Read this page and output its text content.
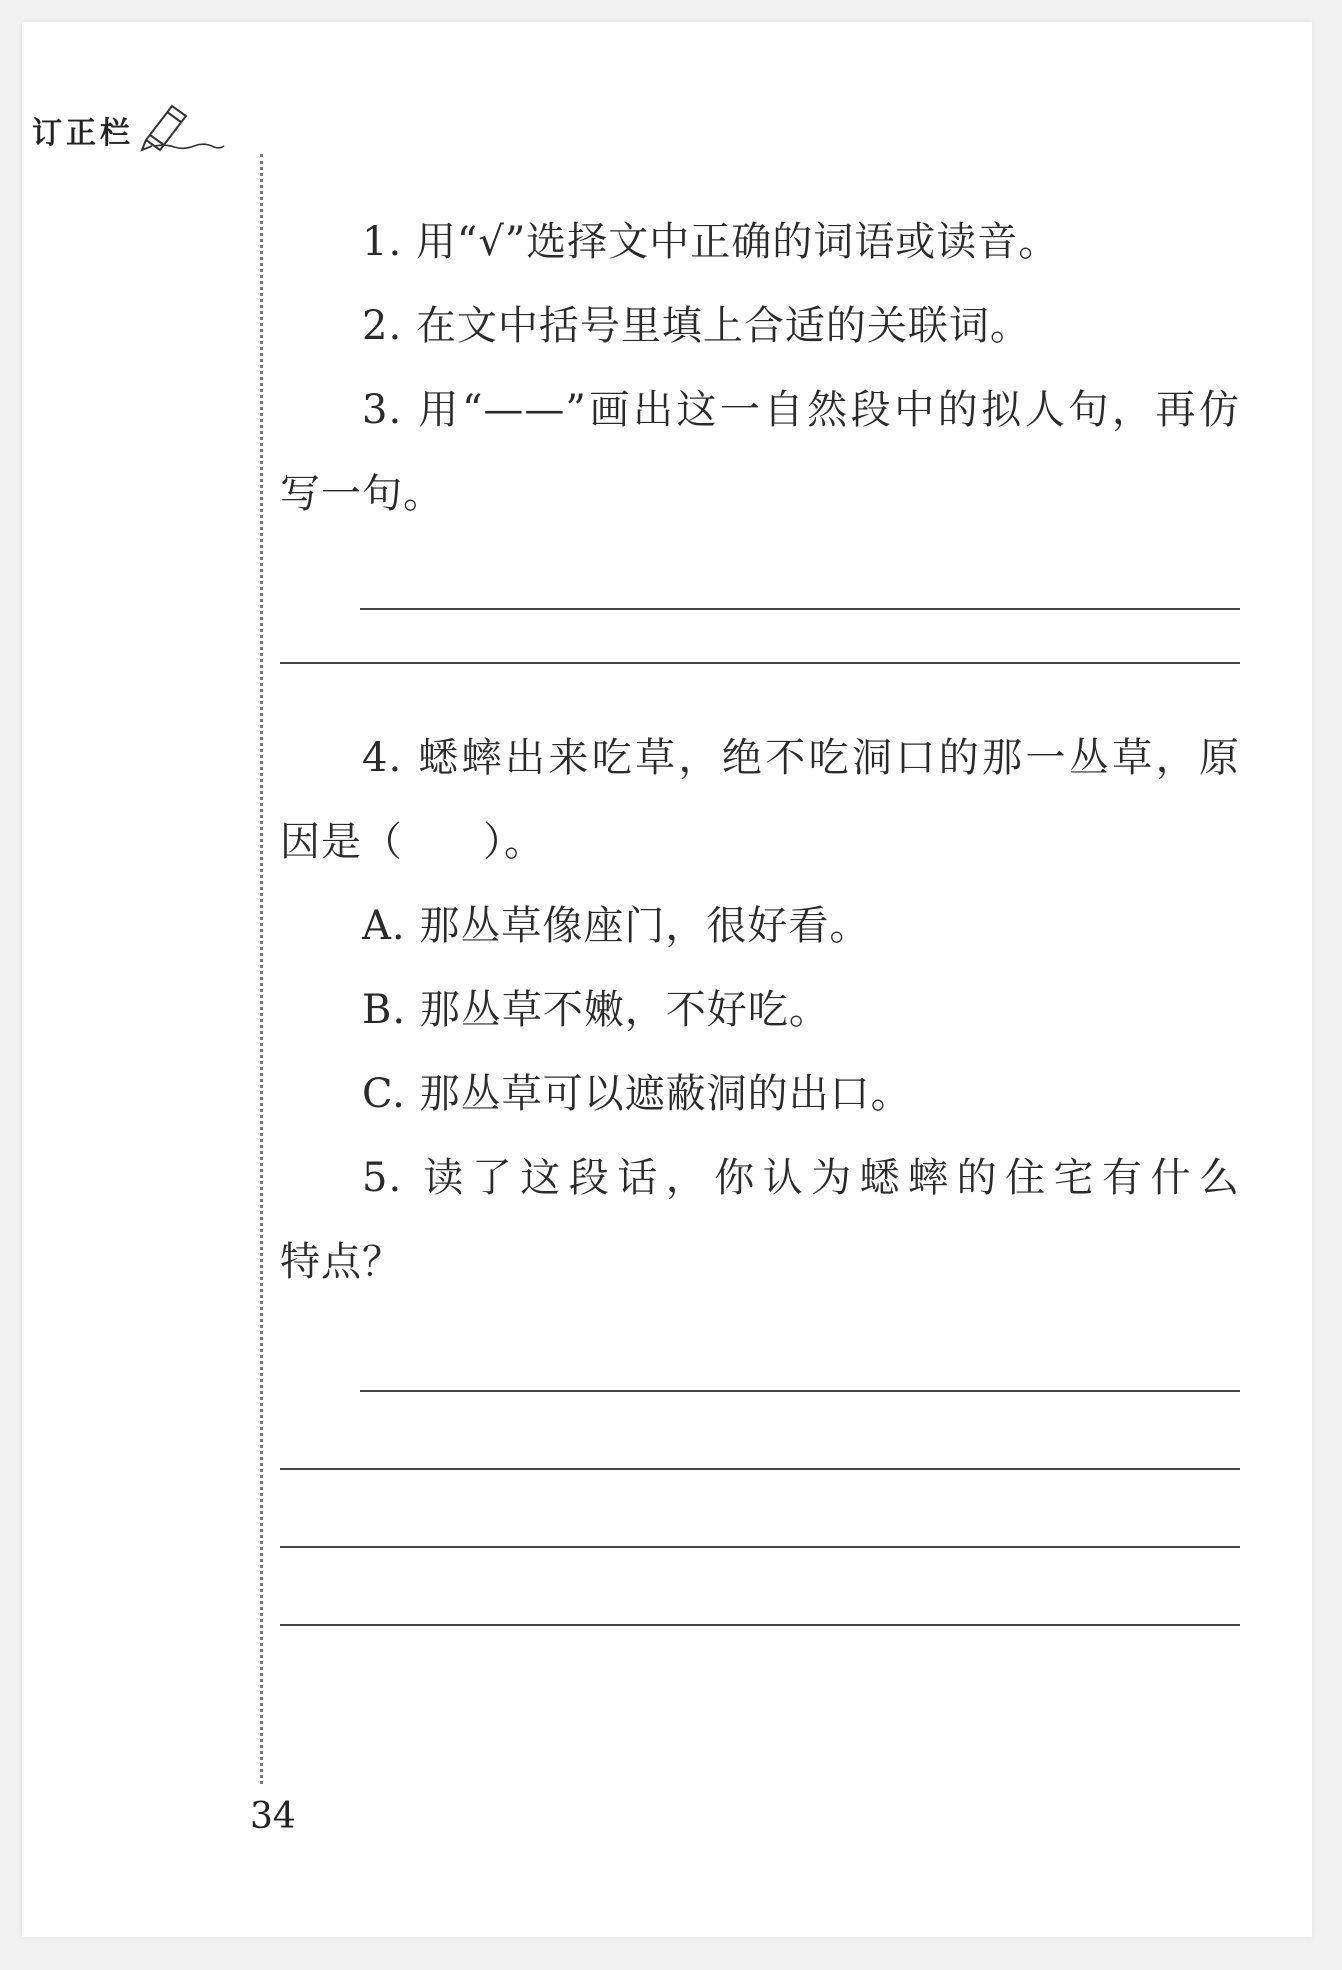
订正栏
1. 用“√”选择文中正确的词语或读音。
2. 在文中括号里填上合适的关联词。
3. 用“——”画出这一自然段中的拟人句，再仿
写一句。
4. 蟋蟀出来吃草，绝不吃洞口的那一丛草，原
因是（ ）。
A. 那丛草像座门，很好看。
B. 那丛草不嫩，不好吃。
C. 那丛草可以遮蔽洞的出口。
5. 读了这段话，你认为蟋蟀的住宅有什么
特点？
34
